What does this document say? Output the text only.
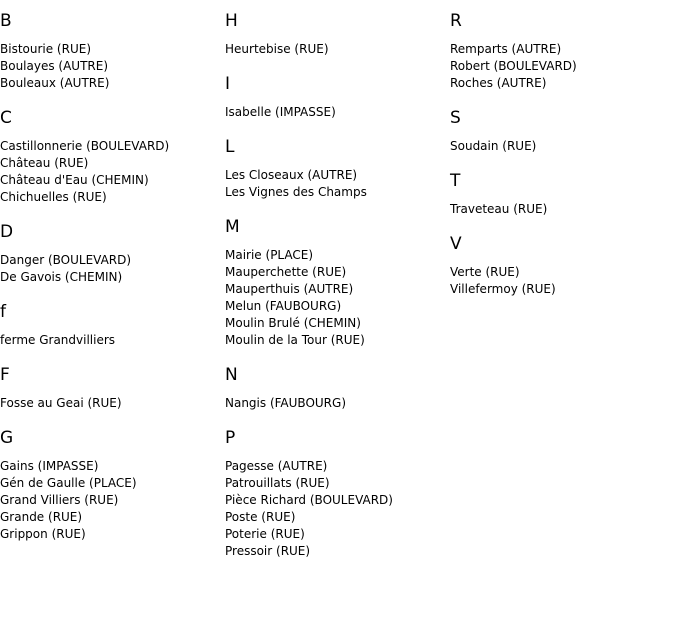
B
Bistourie (RUE)
Boulayes (AUTRE)
Bouleaux (AUTRE)
C
Castillonnerie (BOULEVARD)
Château (RUE)
Château d'Eau (CHEMIN)
Chichuelles (RUE)
D
Danger (BOULEVARD)
De Gavois (CHEMIN)
f
ferme Grandvilliers
F
Fosse au Geai (RUE)
G
Gains (IMPASSE)
Gén de Gaulle (PLACE)
Grand Villiers (RUE)
Grande (RUE)
Grippon (RUE)
H
Heurtebise (RUE)
I
Isabelle (IMPASSE)
L
Les Closeaux (AUTRE)
Les Vignes des Champs
M
Mairie (PLACE)
Mauperchette (RUE)
Mauperthuis (AUTRE)
Melun (FAUBOURG)
Moulin Brulé (CHEMIN)
Moulin de la Tour (RUE)
N
Nangis (FAUBOURG)
P
Pagesse (AUTRE)
Patrouillats (RUE)
Pièce Richard (BOULEVARD)
Poste (RUE)
Poterie (RUE)
Pressoir (RUE)
R
Remparts (AUTRE)
Robert (BOULEVARD)
Roches (AUTRE)
S
Soudain (RUE)
T
Traveteau (RUE)
V
Verte (RUE)
Villefermoy (RUE)
